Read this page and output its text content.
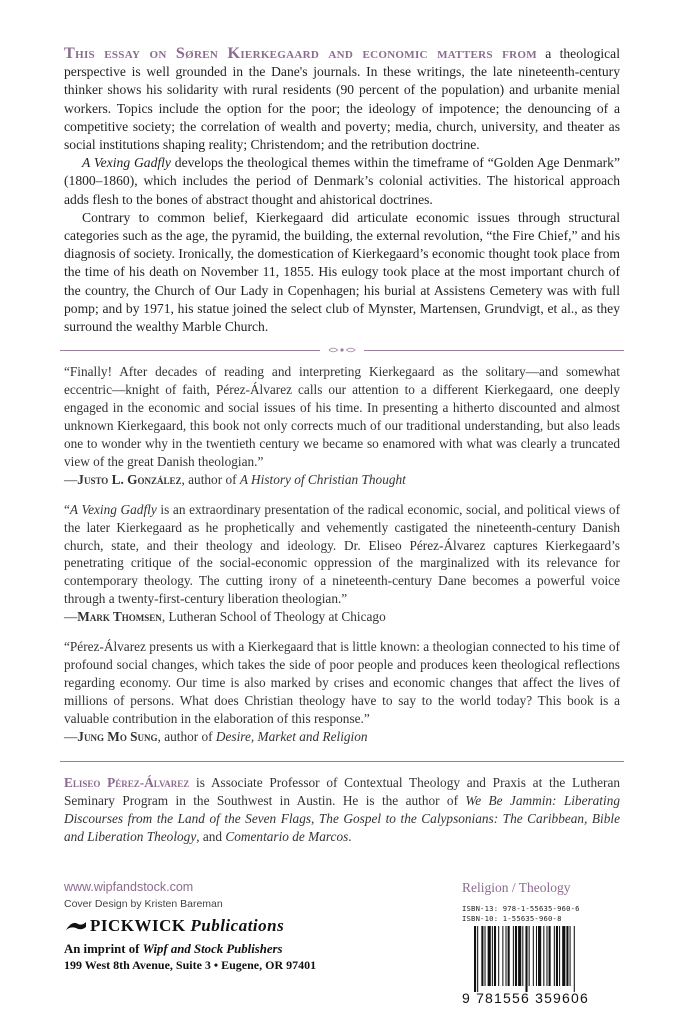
This essay on Søren Kierkegaard and economic matters from a theological perspective is well grounded in the Dane's journals. In these writings, the late nineteenth-century thinker shows his solidarity with rural residents (90 percent of the population) and urbanite menial workers. Topics include the option for the poor; the ideology of impotence; the denouncing of a competitive society; the correlation of wealth and poverty; media, church, university, and theater as social institutions shaping reality; Christendom; and the retribution doctrine.

A Vexing Gadfly develops the theological themes within the timeframe of “Golden Age Denmark” (1800–1860), which includes the period of Denmark’s colonial activities. The historical approach adds flesh to the bones of abstract thought and ahistorical doctrines.

Contrary to common belief, Kierkegaard did articulate economic issues through structural categories such as the age, the pyramid, the building, the external revolution, “the Fire Chief,” and his diagnosis of society. Ironically, the domestication of Kierkegaard’s economic thought took place from the time of his death on November 11, 1855. His eulogy took place at the most important church of the country, the Church of Our Lady in Copenhagen; his burial at Assistens Cemetery was with full pomp; and by 1971, his statue joined the select club of Mynster, Martensen, Grundvigt, et al., as they surround the wealthy Marble Church.

“Finally! After decades of reading and interpreting Kierkegaard as the solitary—and somewhat eccentric—knight of faith, Pérez-Álvarez calls our attention to a different Kierkegaard, one deeply engaged in the economic and social issues of his time. In presenting a hitherto discounted and almost unknown Kierkegaard, this book not only corrects much of our traditional understanding, but also leads one to wonder why in the twentieth century we became so enamored with what was clearly a truncated view of the great Danish theologian.”

—Justo L. González, author of A History of Christian Thought

“A Vexing Gadfly is an extraordinary presentation of the radical economic, social, and political views of the later Kierkegaard as he prophetically and vehemently castigated the nineteenth-century Danish church, state, and their theology and ideology. Dr. Eliseo Pérez-Álvarez captures Kierkegaard’s penetrating critique of the social-economic oppression of the marginalized with its relevance for contemporary theology. The cutting irony of a nineteenth-century Dane becomes a powerful voice through a twenty-first-century liberation theologian.”

—Mark Thomsen, Lutheran School of Theology at Chicago

“Pérez-Álvarez presents us with a Kierkegaard that is little known: a theologian connected to his time of profound social changes, which takes the side of poor people and produces keen theological reflections regarding economy. Our time is also marked by crises and economic changes that affect the lives of millions of persons. What does Christian theology have to say to the world today? This book is a valuable contribution in the elaboration of this response.”

—Jung Mo Sung, author of Desire, Market and Religion

Eliseo Pérez-Álvarez is Associate Professor of Contextual Theology and Praxis at the Lutheran Seminary Program in the Southwest in Austin. He is the author of We Be Jammin: Liberating Discourses from the Land of the Seven Flags, The Gospel to the Calypsonians: The Caribbean, Bible and Liberation Theology, and Comentario de Marcos.

www.wipfandstock.com
Cover Design by Kristen Bareman
PICKWICK Publications
An imprint of Wipf and Stock Publishers
199 West 8th Avenue, Suite 3 • Eugene, OR 97401
Religion / Theology
ISBN-13: 978-1-55635-960-6
ISBN-10: 1-55635-960-8
9 781556 359606
